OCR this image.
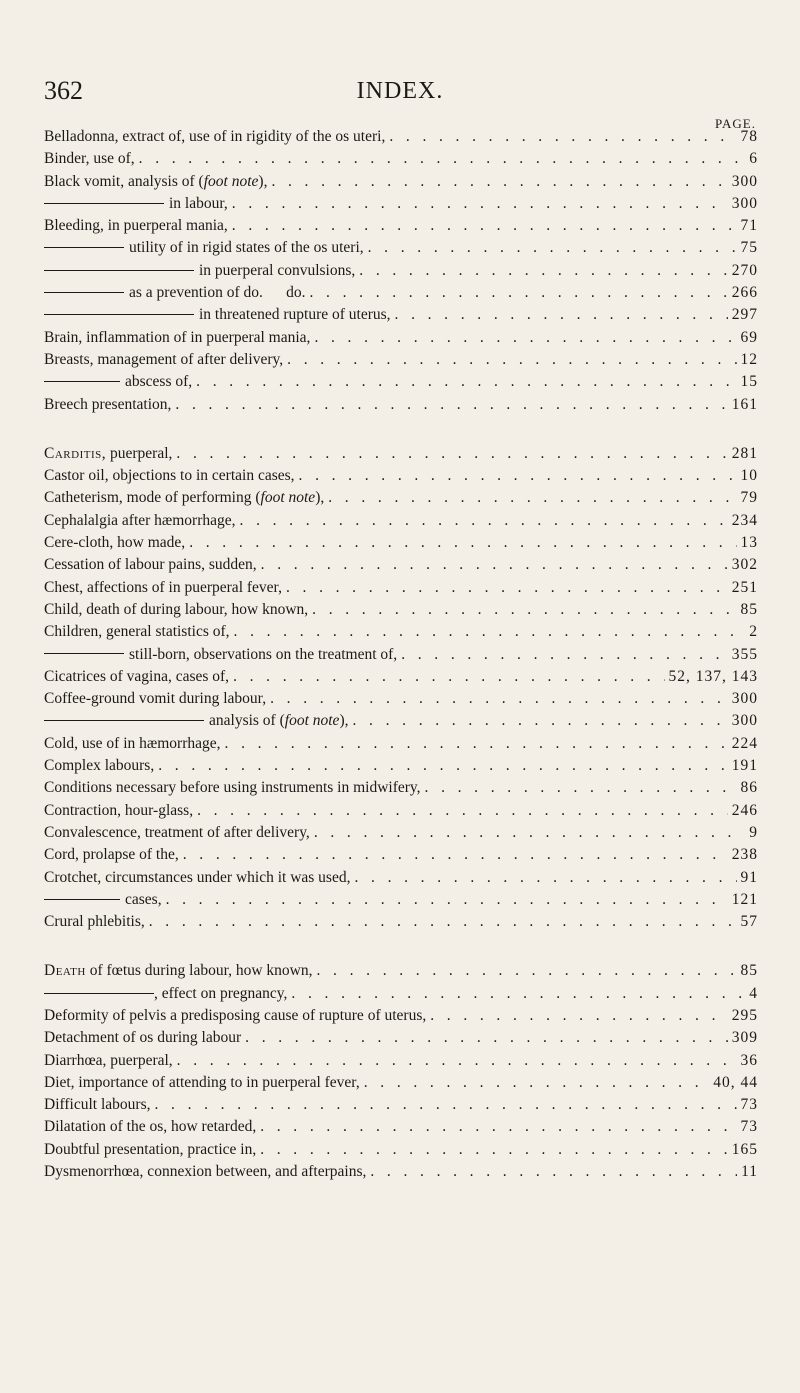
362	INDEX.
PAGE.
Belladonna, extract of, use of in rigidity of the os uteri, . . .	78
Binder, use of, . . .	6
Black vomit, analysis of (foot note), . . .	300
in labour, . . .	300
Bleeding, in puerperal mania, . . .	71
utility of in rigid states of the os uteri, . . .	75
in puerperal convulsions, . . .	270
as a prevention of do.      do. . . .	266
in threatened rupture of uterus, . . .	297
Brain, inflammation of in puerperal mania, . . .	69
Breasts, management of after delivery, . . .	12
abscess of, . . .	15
Breech presentation, . . .	161
Carditis, puerperal, . . .	281
Castor oil, objections to in certain cases, . . .	10
Catheterism, mode of performing (foot note), . . .	79
Cephalalgia after hæmorrhage, . . .	234
Cere-cloth, how made, . . .	13
Cessation of labour pains, sudden, . . .	302
Chest, affections of in puerperal fever, . . .	251
Child, death of during labour, how known, . . .	85
Children, general statistics of, . . .	2
still-born, observations on the treatment of, . . .	355
Cicatrices of vagina, cases of, . . .	52, 137, 143
Coffee-ground vomit during labour, . . .	300
analysis of (foot note), . . .	300
Cold, use of in hæmorrhage, . . .	224
Complex labours, . . .	191
Conditions necessary before using instruments in midwifery, . . .	86
Contraction, hour-glass, . . .	246
Convalescence, treatment of after delivery, . . .	9
Cord, prolapse of the, . . .	238
Crotchet, circumstances under which it was used, . . .	91
cases, . . .	121
Crural phlebitis, . . .	57
Death of fœtus during labour, how known, . . .	85
, effect on pregnancy, . . .	4
Deformity of pelvis a predisposing cause of rupture of uterus, . . .	295
Detachment of os during labour . . .	309
Diarrhœa, puerperal, . . .	36
Diet, importance of attending to in puerperal fever, . . .	40, 44
Difficult labours, . . .	73
Dilatation of the os, how retarded, . . .	73
Doubtful presentation, practice in, . . .	165
Dysmenorrhœa, connexion between, and afterpains, . . .	11
